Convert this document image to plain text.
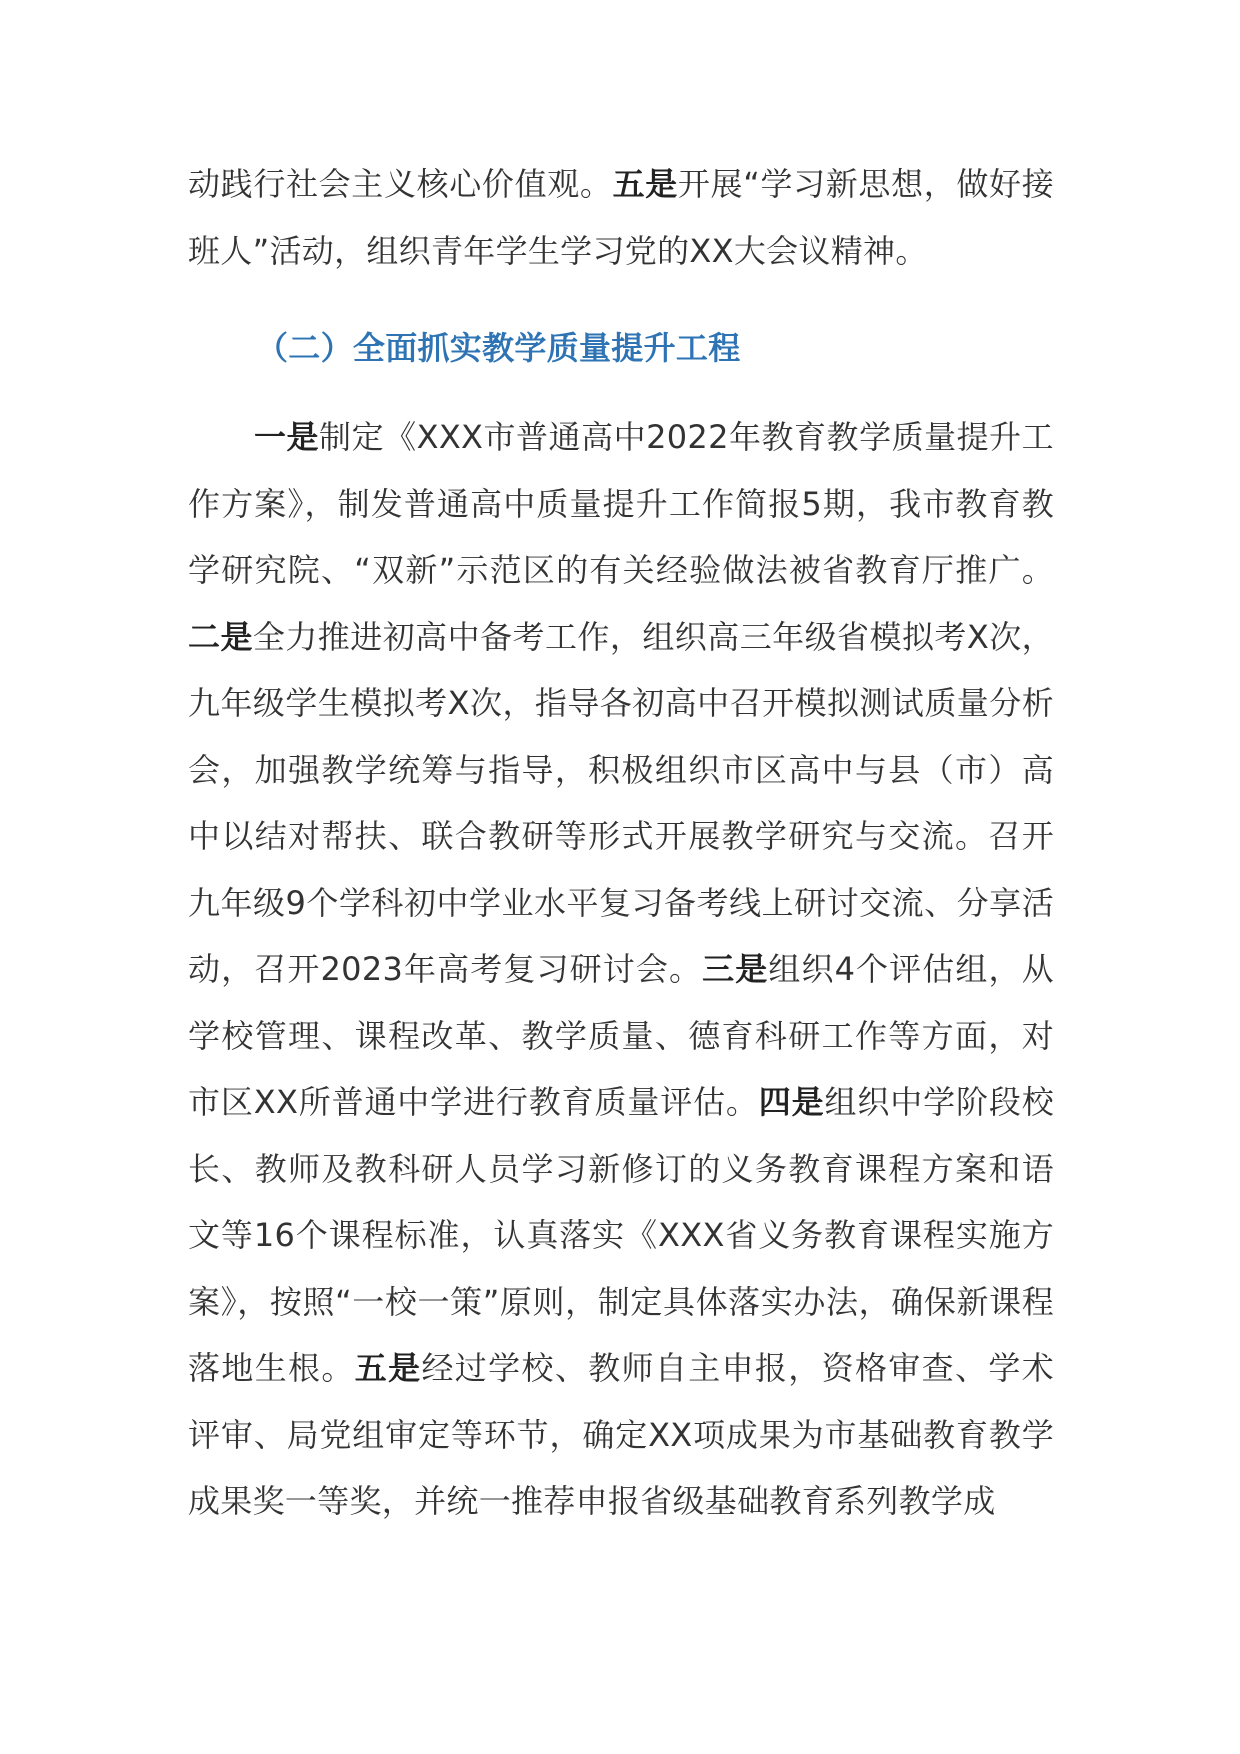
动践行社会主义核心价值观。五是开展“学习新思想，做好接班人”活动，组织青年学生学习党的XX大会议精神。

（二）全面抓实教学质量提升工程

一是制定《XXX市普通高中2022年教育教学质量提升工作方案》，制发普通高中质量提升工作简报5期，我市教育教学研究院、“双新”示范区的有关经验做法被省教育厅推广。二是全力推进初高中备考工作，组织高三年级省模拟考X次，九年级学生模拟考X次，指导各初高中召开模拟测试质量分析会，加强教学统筹与指导，积极组织市区高中与县（市）高中以结对帮扶、联合教研等形式开展教学研究与交流。召开九年级9个学科初中学业水平复习备考线上研讨交流、分享活动，召开2023年高考复习研讨会。三是组织4个评估组，从学校管理、课程改革、教学质量、德育科研工作等方面，对市区XX所普通中学进行教育质量评估。四是组织中学阶段校长、教师及教科研人员学习新修订的义务教育课程方案和语文等16个课程标准，认真落实《XXX省义务教育课程实施方案》，按照“一校一策”原则，制定具体落实办法，确保新课程落地生根。五是经过学校、教师自主申报，资格审查、学术评审、局党组审定等环节，确定XX项成果为市基础教育教学成果奖一等奖，并统一推荐申报省级基础教育系列教学成
